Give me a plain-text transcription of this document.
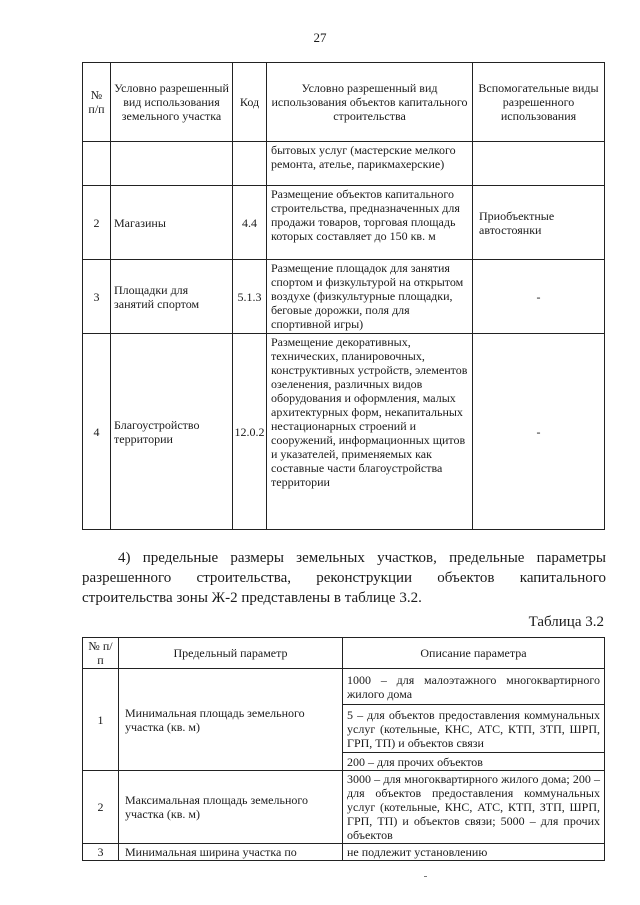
27
№ п/п	Условно разрешенный вид использования земельного участка	Код	Условно разрешенный вид использования объектов капитального строительства	Вспомогательные виды разрешенного использования
			бытовых услуг (мастерские мелкого ремонта, ателье, парикмахерские)	
2	Магазины	4.4	Размещение объектов капитального строительства, предназначенных для продажи товаров, торговая площадь которых составляет до 150 кв. м	Приобъектные автостоянки
3	Площадки для занятий спортом	5.1.3	Размещение площадок для занятия спортом и физкультурой на открытом воздухе (физкультурные площадки, беговые дорожки, поля для спортивной игры)	-
4	Благоустройство территории	12.0.2	Размещение декоративных, технических, планировочных, конструктивных устройств, элементов озеленения, различных видов оборудования и оформления, малых архитектурных форм, некапитальных нестационарных строений и сооружений, информационных щитов и указателей, применяемых как составные части благоустройства территории	-

4) предельные размеры земельных участков, предельные параметры разрешенного строительства, реконструкции объектов капитального строительства зоны Ж-2 представлены в таблице 3.2.

Таблица 3.2
№ п/п	Предельный параметр	Описание параметра
1	Минимальная площадь земельного участка (кв. м)	1000 – для малоэтажного многоквартирного жилого дома
		5 – для объектов предоставления коммунальных услуг (котельные, КНС, АТС, КТП, ЗТП, ШРП, ГРП, ТП) и объектов связи
		200 – для прочих объектов
2	Максимальная площадь земельного участка (кв. м)	3000 – для многоквартирного жилого дома; 200 – для объектов предоставления коммунальных услуг (котельные, КНС, АТС, КТП, ЗТП, ШРП, ГРП, ТП) и объектов связи; 5000 – для прочих объектов
3	Минимальная ширина участка по	не подлежит установлению
